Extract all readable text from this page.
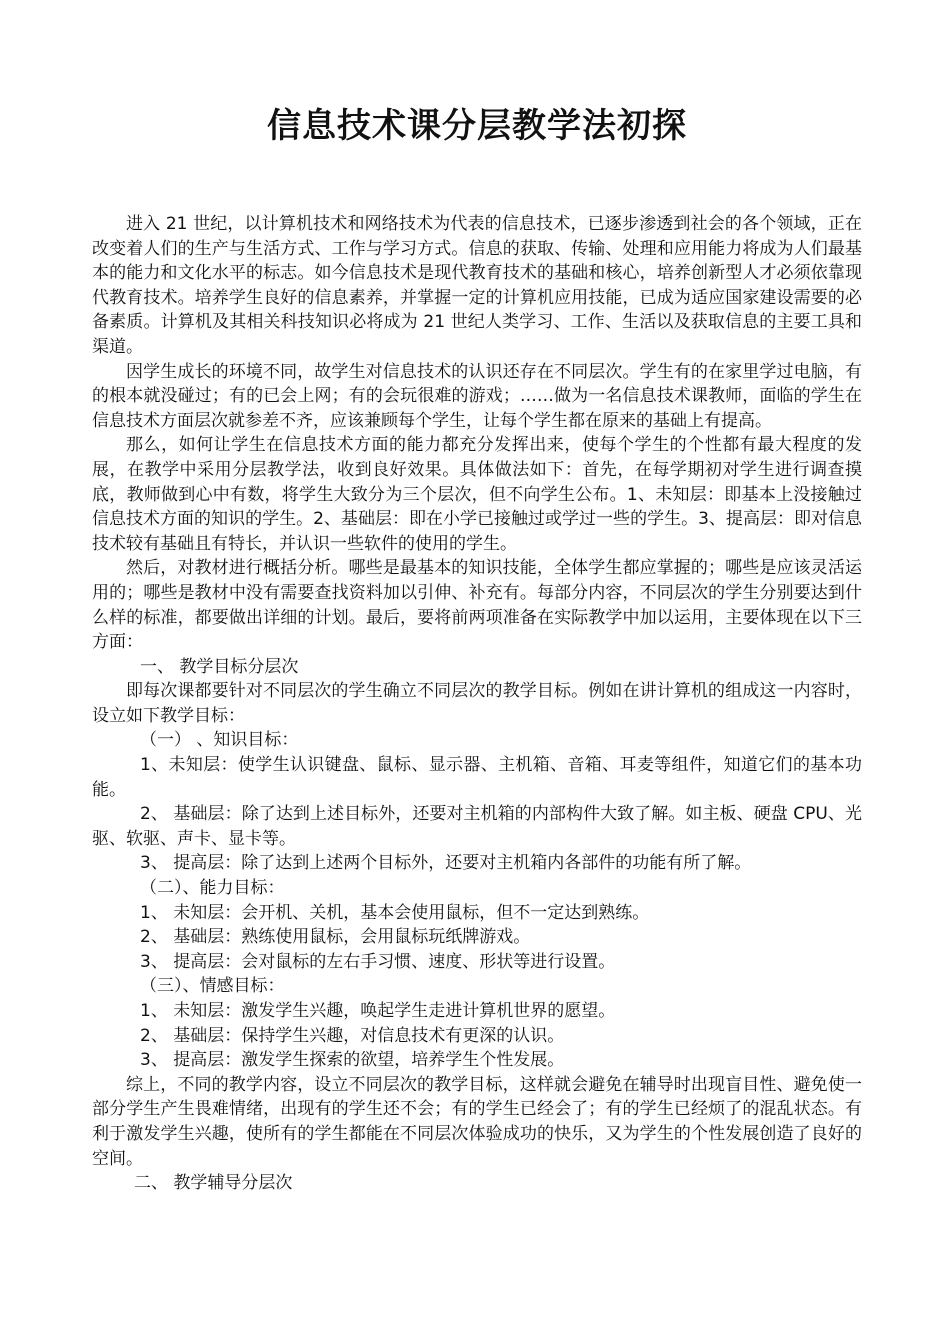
信息技术课分层教学法初探

进入 21 世纪，以计算机技术和网络技术为代表的信息技术，已逐步渗透到社会的各个领域，正在改变着人们的生产与生活方式、工作与学习方式。信息的获取、传输、处理和应用能力将成为人们最基本的能力和文化水平的标志。如今信息技术是现代教育技术的基础和核心，培养创新型人才必须依靠现代教育技术。培养学生良好的信息素养，并掌握一定的计算机应用技能，已成为适应国家建设需要的必备素质。计算机及其相关科技知识必将成为 21 世纪人类学习、工作、生活以及获取信息的主要工具和渠道。

因学生成长的环境不同，故学生对信息技术的认识还存在不同层次。学生有的在家里学过电脑，有的根本就没碰过；有的已会上网；有的会玩很难的游戏；……做为一名信息技术课教师，面临的学生在信息技术方面层次就参差不齐，应该兼顾每个学生，让每个学生都在原来的基础上有提高。

那么，如何让学生在信息技术方面的能力都充分发挥出来，使每个学生的个性都有最大程度的发展，在教学中采用分层教学法，收到良好效果。具体做法如下：首先，在每学期初对学生进行调查摸底，教师做到心中有数，将学生大致分为三个层次，但不向学生公布。1、未知层：即基本上没接触过信息技术方面的知识的学生。2、基础层：即在小学已接触过或学过一些的学生。3、提高层：即对信息技术较有基础且有特长，并认识一些软件的使用的学生。

然后，对教材进行概括分析。哪些是最基本的知识技能，全体学生都应掌握的；哪些是应该灵活运用的；哪些是教材中没有需要查找资料加以引伸、补充有。每部分内容，不同层次的学生分别要达到什么样的标准，都要做出详细的计划。最后，要将前两项准备在实际教学中加以运用，主要体现在以下三方面：

一、 教学目标分层次

即每次课都要针对不同层次的学生确立不同层次的教学目标。例如在讲计算机的组成这一内容时，设立如下教学目标：

（一） 、知识目标：

1、未知层：使学生认识键盘、鼠标、显示器、主机箱、音箱、耳麦等组件，知道它们的基本功能。

2、 基础层：除了达到上述目标外，还要对主机箱的内部构件大致了解。如主板、硬盘 CPU、光驱、软驱、声卡、显卡等。

3、 提高层：除了达到上述两个目标外，还要对主机箱内各部件的功能有所了解。

（二）、能力目标：

1、 未知层：会开机、关机，基本会使用鼠标，但不一定达到熟练。

2、 基础层：熟练使用鼠标，会用鼠标玩纸牌游戏。

3、 提高层：会对鼠标的左右手习惯、速度、形状等进行设置。

（三）、情感目标：

1、 未知层：激发学生兴趣，唤起学生走进计算机世界的愿望。

2、 基础层：保持学生兴趣，对信息技术有更深的认识。

3、 提高层：激发学生探索的欲望，培养学生个性发展。

综上，不同的教学内容，设立不同层次的教学目标，这样就会避免在辅导时出现盲目性、避免使一部分学生产生畏难情绪，出现有的学生还不会；有的学生已经会了；有的学生已经烦了的混乱状态。有利于激发学生兴趣，使所有的学生都能在不同层次体验成功的快乐，又为学生的个性发展创造了良好的空间。

二、 教学辅导分层次
